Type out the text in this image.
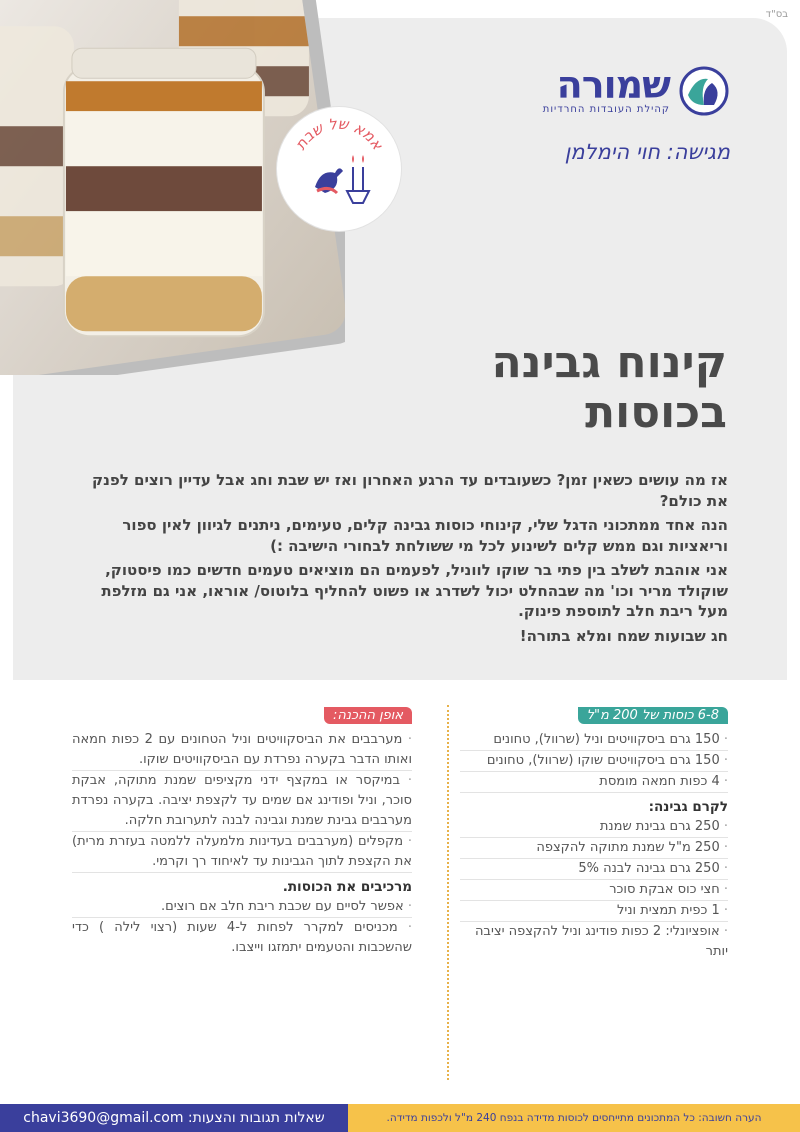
בס"ד
אמא של שבת
שמורה
קהילת העובדות החרדיות
מגישה: חוי הימלמן
קינוח גבינה
בכוסות

אז מה עושים כשאין זמן? כשעובדים עד הרגע האחרון ואז יש שבת וחג אבל עדיין רוצים לפנק את כולם?

הנה אחד ממתכוני הדגל שלי, קינוחי כוסות גבינה קלים, טעימים, ניתנים לגיוון לאין ספור וריאציות וגם ממש קלים לשינוע לכל מי ששולחת לבחורי הישיבה :)

אני אוהבת לשלב בין פתי בר שוקו לווניל, לפעמים הם מוציאים טעמים חדשים כמו פיסטוק, שוקולד מריר וכו' מה שבהחלט יכול לשדרג או פשוט להחליף בלוטוס/ אוראו, אני גם מזלפת מעל ריבת חלב לתוספת פינוק.

חג שבועות שמח ומלא בתורה!

6-8 כוסות של 200 מ"ל
· 150 גרם ביסקוויטים וניל (שרוול), טחונים
· 150 גרם ביסקוויטים שוקו (שרוול), טחונים
· 4 כפות חמאה מומסת
לקרם גבינה:
· 250 גרם גבינת שמנת
· 250 מ"ל שמנת מתוקה להקצפה
· 250 גרם גבינה לבנה 5%
· חצי כוס אבקת סוכר
· 1 כפית תמצית וניל
· אופציונלי: 2 כפות פודינג וניל להקצפה יציבה יותר
אופן ההכנה:
· מערבבים את הביסקוויטים וניל הטחונים עם 2 כפות חמאה ואותו הדבר בקערה נפרדת עם הביסקוויטים שוקו.
· במיקסר או במקצף ידני מקציפים שמנת מתוקה, אבקת סוכר, וניל ופודינג אם שמים עד לקצפת יציבה. בקערה נפרדת מערבבים גבינת שמנת וגבינה לבנה לתערובת חלקה.
· מקפלים (מערבבים בעדינות מלמעלה ללמטה בעזרת מרית) את הקצפת לתוך הגבינות עד לאיחוד רך וקרמי.
מרכיבים את הכוסות.
· אפשר לסיים עם שכבת ריבת חלב אם רוצים.
· מכניסים למקרר לפחות ל-4 שעות (רצוי לילה ) כדי שהשכבות והטעמים יתמזגו וייצבו.
שאלות תגובות והצעות: chavi3690@gmail.com	הערה חשובה: כל המתכונים מתייחסים לכוסות מדידה בנפח 240 מ"ל ולכפות מדידה.
